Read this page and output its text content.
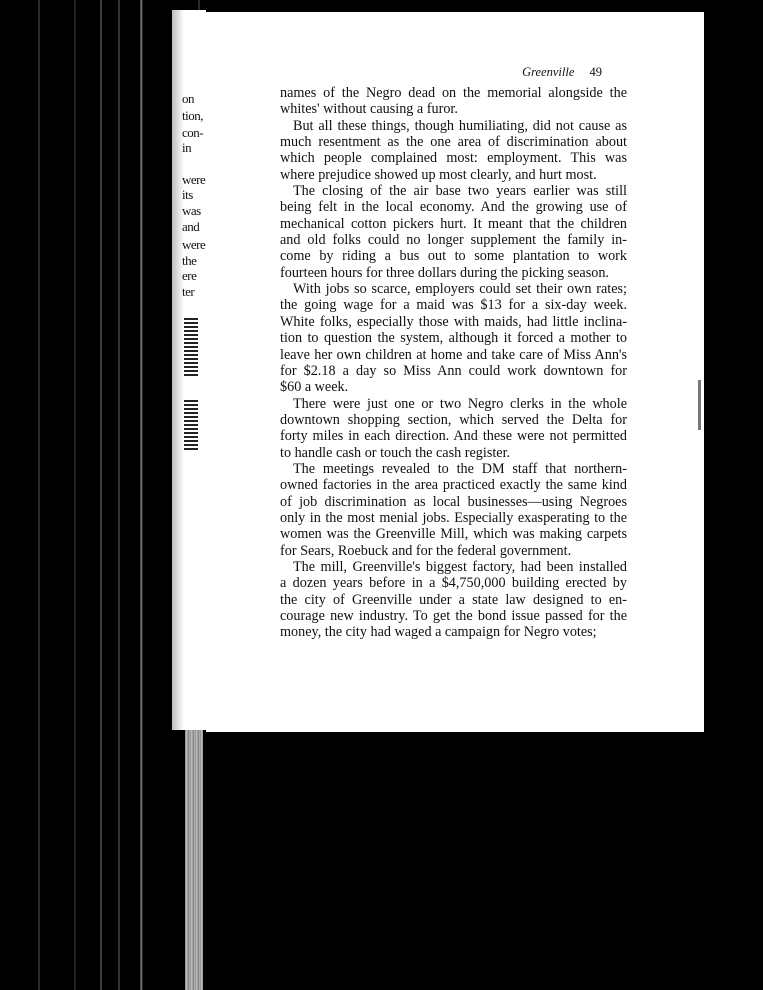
on
tion,
con-
in
were
its
was
and
were
the
ere
ter
Greenville 49
names of the Negro dead on the memorial alongside the
whites' without causing a furor.
But all these things, though humiliating, did not cause as
much resentment as the one area of discrimination about
which people complained most: employment. This was
where prejudice showed up most clearly, and hurt most.
The closing of the air base two years earlier was still
being felt in the local economy. And the growing use of
mechanical cotton pickers hurt. It meant that the children
and old folks could no longer supplement the family in-
come by riding a bus out to some plantation to work
fourteen hours for three dollars during the picking season.
With jobs so scarce, employers could set their own rates;
the going wage for a maid was $13 for a six-day week.
White folks, especially those with maids, had little inclina-
tion to question the system, although it forced a mother to
leave her own children at home and take care of Miss Ann's
for $2.18 a day so Miss Ann could work downtown for
$60 a week.
There were just one or two Negro clerks in the whole
downtown shopping section, which served the Delta for
forty miles in each direction. And these were not permitted
to handle cash or touch the cash register.
The meetings revealed to the DM staff that northern-
owned factories in the area practiced exactly the same kind
of job discrimination as local businesses—using Negroes
only in the most menial jobs. Especially exasperating to the
women was the Greenville Mill, which was making carpets
for Sears, Roebuck and for the federal government.
The mill, Greenville's biggest factory, had been installed
a dozen years before in a $4,750,000 building erected by
the city of Greenville under a state law designed to en-
courage new industry. To get the bond issue passed for the
money, the city had waged a campaign for Negro votes;
